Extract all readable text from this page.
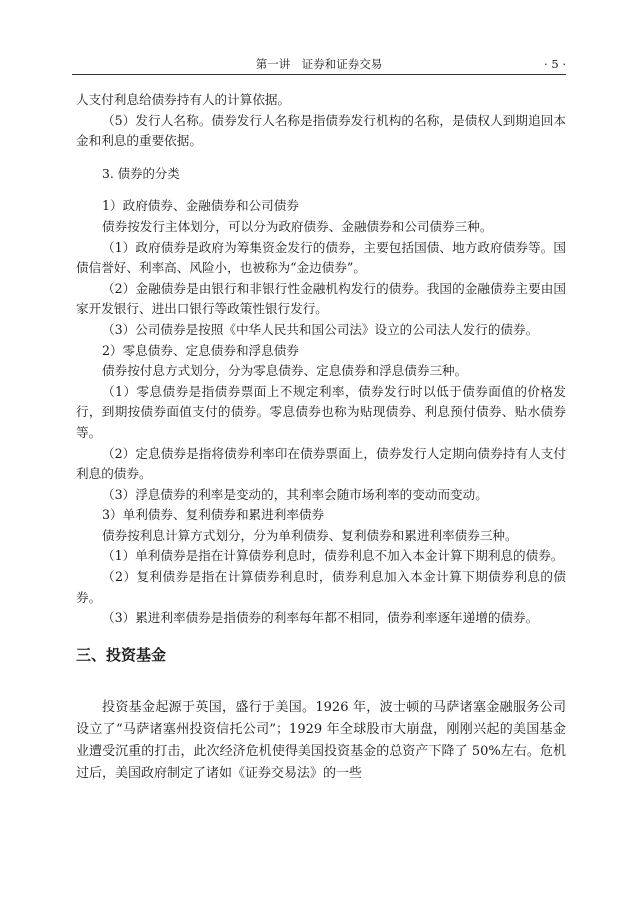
第一讲　证券和证券交易	· 5 ·

人支付利息给债券持有人的计算依据。

（5）发行人名称。债券发行人名称是指债券发行机构的名称，是债权人到期追回本金和利息的重要依据。

3. 债券的分类

1）政府债券、金融债券和公司债券

债券按发行主体划分，可以分为政府债券、金融债券和公司债券三种。

（1）政府债券是政府为筹集资金发行的债券，主要包括国债、地方政府债券等。国债信誉好、利率高、风险小，也被称为“金边债券”。

（2）金融债券是由银行和非银行性金融机构发行的债券。我国的金融债券主要由国家开发银行、进出口银行等政策性银行发行。

（3）公司债券是按照《中华人民共和国公司法》设立的公司法人发行的债券。

2）零息债券、定息债券和浮息债券

债券按付息方式划分，分为零息债券、定息债券和浮息债券三种。

（1）零息债券是指债券票面上不规定利率，债券发行时以低于债券面值的价格发行，到期按债券面值支付的债券。零息债券也称为贴现债券、利息预付债券、贴水债券等。

（2）定息债券是指将债券利率印在债券票面上，债券发行人定期向债券持有人支付利息的债券。

（3）浮息债券的利率是变动的，其利率会随市场利率的变动而变动。

3）单利债券、复利债券和累进利率债券

债券按利息计算方式划分，分为单利债券、复利债券和累进利率债券三种。

（1）单利债券是指在计算债券利息时，债券利息不加入本金计算下期利息的债券。

（2）复利债券是指在计算债券利息时，债券利息加入本金计算下期债券利息的债券。

（3）累进利率债券是指债券的利率每年都不相同，债券利率逐年递增的债券。

三、投资基金

投资基金起源于英国，盛行于美国。1926 年，波士顿的马萨诸塞金融服务公司设立了“马萨诸塞州投资信托公司”；1929 年全球股市大崩盘，刚刚兴起的美国基金业遭受沉重的打击，此次经济危机使得美国投资基金的总资产下降了 50%左右。危机过后，美国政府制定了诸如《证券交易法》的一些
